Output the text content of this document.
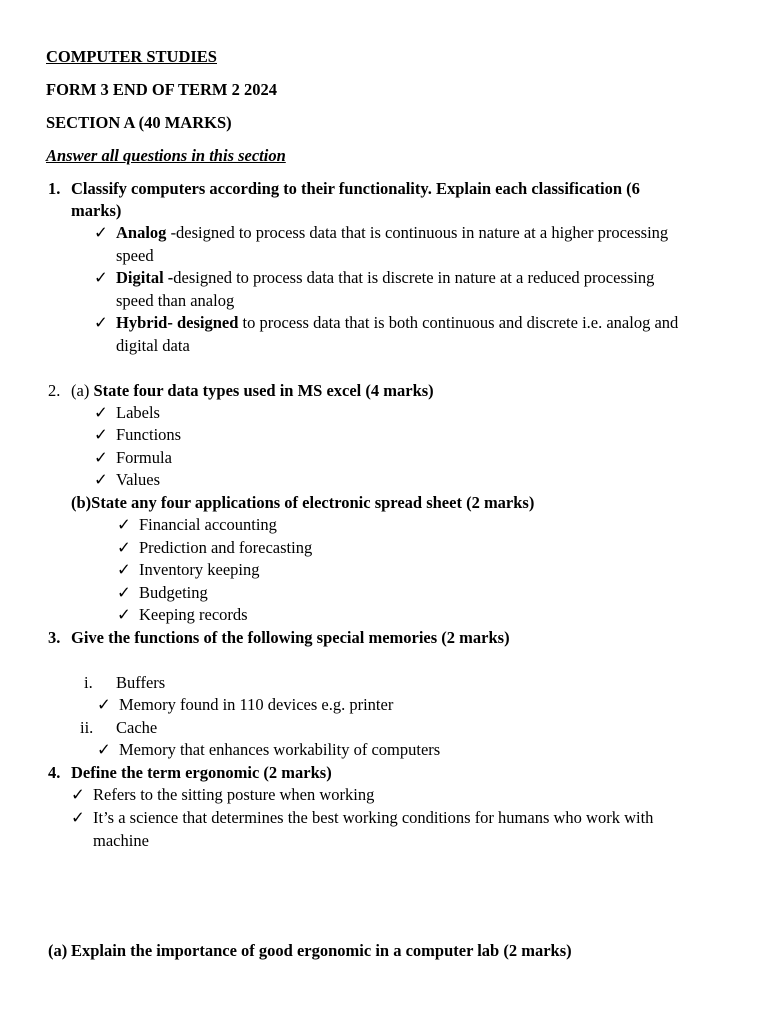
COMPUTER STUDIES
FORM 3 END OF TERM 2 2024
SECTION A (40 MARKS)
Answer all questions in this section
1. Classify computers according to their functionality. Explain each classification (6
marks)
✓ Analog -designed to process data that is continuous in nature at a higher processing
speed
✓ Digital -designed to process data that is discrete in nature at a reduced processing
speed than analog
✓ Hybrid- designed to process data that is both continuous and discrete i.e. analog and
digital data
2. (a) State four data types used in MS excel (4 marks)
✓ Labels
✓ Functions
✓ Formula
✓ Values
(b)State any four applications of electronic spread sheet (2 marks)
✓ Financial accounting
✓ Prediction and forecasting
✓ Inventory keeping
✓ Budgeting
✓ Keeping records
3. Give the functions of the following special memories (2 marks)
i. Buffers
✓ Memory found in 110 devices e.g. printer
ii. Cache
✓ Memory that enhances workability of computers
4. Define the term ergonomic (2 marks)
✓ Refers to the sitting posture when working
✓ It’s a science that determines the best working conditions for humans who work with
machine
(a) Explain the importance of good ergonomic in a computer lab (2 marks)
